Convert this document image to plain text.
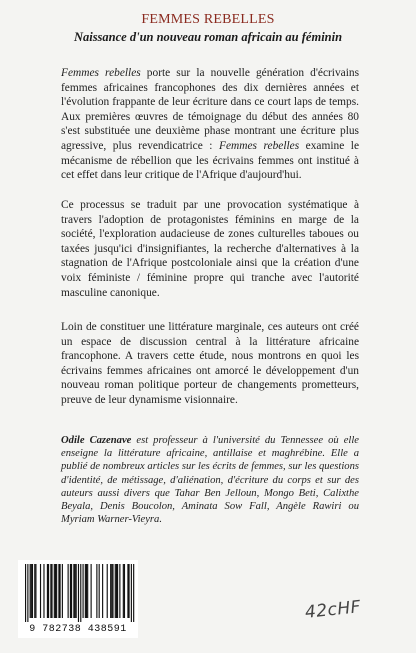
FEMMES REBELLES
Naissance d'un nouveau roman africain au féminin
Femmes rebelles porte sur la nouvelle génération d'écrivains femmes africaines francophones des dix dernières années et l'évolution frappante de leur écriture dans ce court laps de temps. Aux premières œuvres de témoignage du début des années 80 s'est substituée une deuxième phase montrant une écriture plus agressive, plus revendicatrice : Femmes rebelles examine le mécanisme de rébellion que les écrivains femmes ont institué à cet effet dans leur critique de l'Afrique d'aujourd'hui.
Ce processus se traduit par une provocation systématique à travers l'adoption de protagonistes féminins en marge de la société, l'exploration audacieuse de zones culturelles taboues ou taxées jusqu'ici d'insignifiantes, la recherche d'alternatives à la stagnation de l'Afrique postcoloniale ainsi que la création d'une voix féministe / féminine propre qui tranche avec l'autorité masculine canonique.
Loin de constituer une littérature marginale, ces auteurs ont créé un espace de discussion central à la littérature africaine francophone. A travers cette étude, nous montrons en quoi les écrivains femmes africaines ont amorcé le développement d'un nouveau roman politique porteur de changements prometteurs, preuve de leur dynamisme visionnaire.
Odile Cazenave est professeur à l'université du Tennessee où elle enseigne la littérature africaine, antillaise et maghrébine. Elle a publié de nombreux articles sur les écrits de femmes, sur les questions d'identité, de métissage, d'aliénation, d'écriture du corps et sur des auteurs aussi divers que Tahar Ben Jelloun, Mongo Beti, Calixthe Beyala, Denis Boucolon, Aminata Sow Fall, Angèle Rawiri ou Myriam Warner-Vieyra.
9 782738 438591
42cHF
